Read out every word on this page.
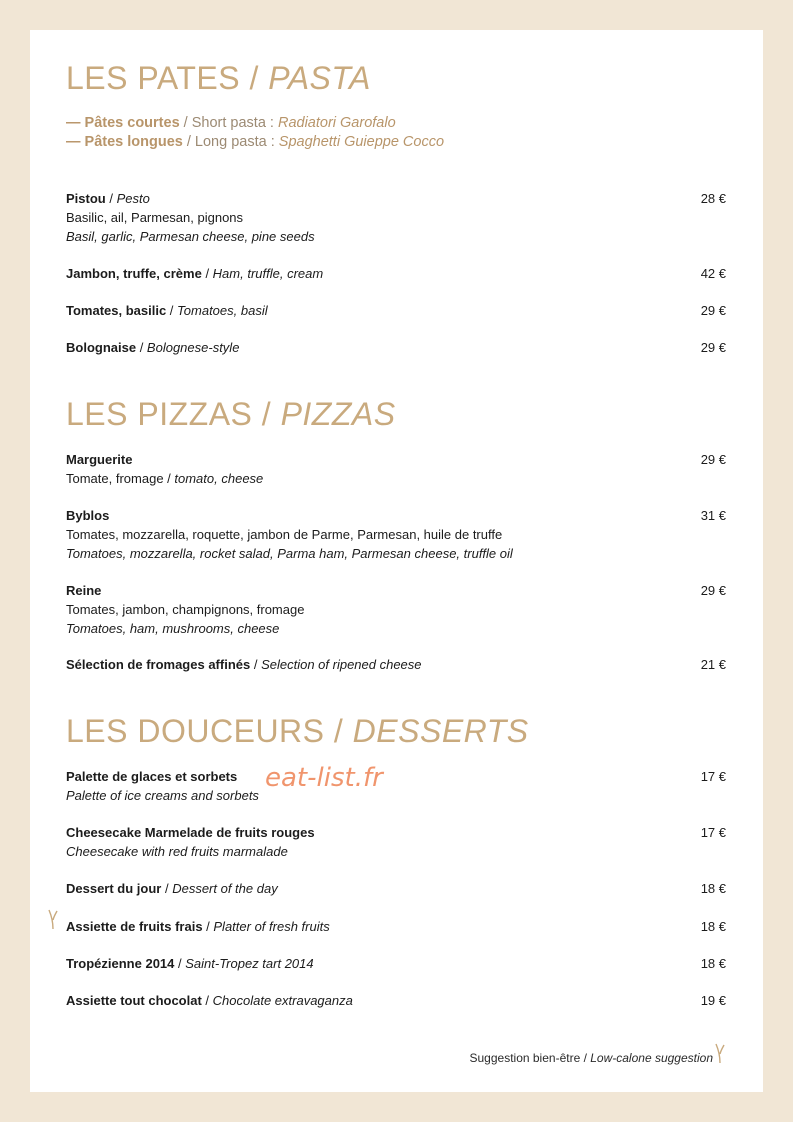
LES PATES / PASTA
— Pâtes courtes / Short pasta : Radiatori Garofalo
— Pâtes longues / Long pasta : Spaghetti Guieppe Cocco
Pistou / Pesto
Basilic, ail, Parmesan, pignons
Basil, garlic, Parmesan cheese, pine seeds
28 €
Jambon, truffe, crème / Ham, truffle, cream	42 €
Tomates, basilic / Tomatoes, basil	29 €
Bolognaise / Bolognese-style	29 €
LES PIZZAS / PIZZAS
Marguerite
Tomate, fromage / tomato, cheese
29 €
Byblos
Tomates, mozzarella, roquette, jambon de Parme, Parmesan, huile de truffe
Tomatoes, mozzarella, rocket salad, Parma ham, Parmesan cheese, truffle oil
31 €
Reine
Tomates, jambon, champignons, fromage
Tomatoes, ham, mushrooms, cheese
29 €
Sélection de fromages affinés / Selection of ripened cheese	21 €
LES DOUCEURS / DESSERTS
Palette de glaces et sorbets
Palette of ice creams and sorbets
17 €
Cheesecake Marmelade de fruits rouges
Cheesecake with red fruits marmalade
17 €
Dessert du jour / Dessert of the day	18 €
Assiette de fruits frais / Platter of fresh fruits	18 €
Tropézienne 2014 / Saint-Tropez tart 2014	18 €
Assiette tout chocolat / Chocolate extravaganza	19 €
eat-list.fr
Suggestion bien-être / Low-calone suggestion
